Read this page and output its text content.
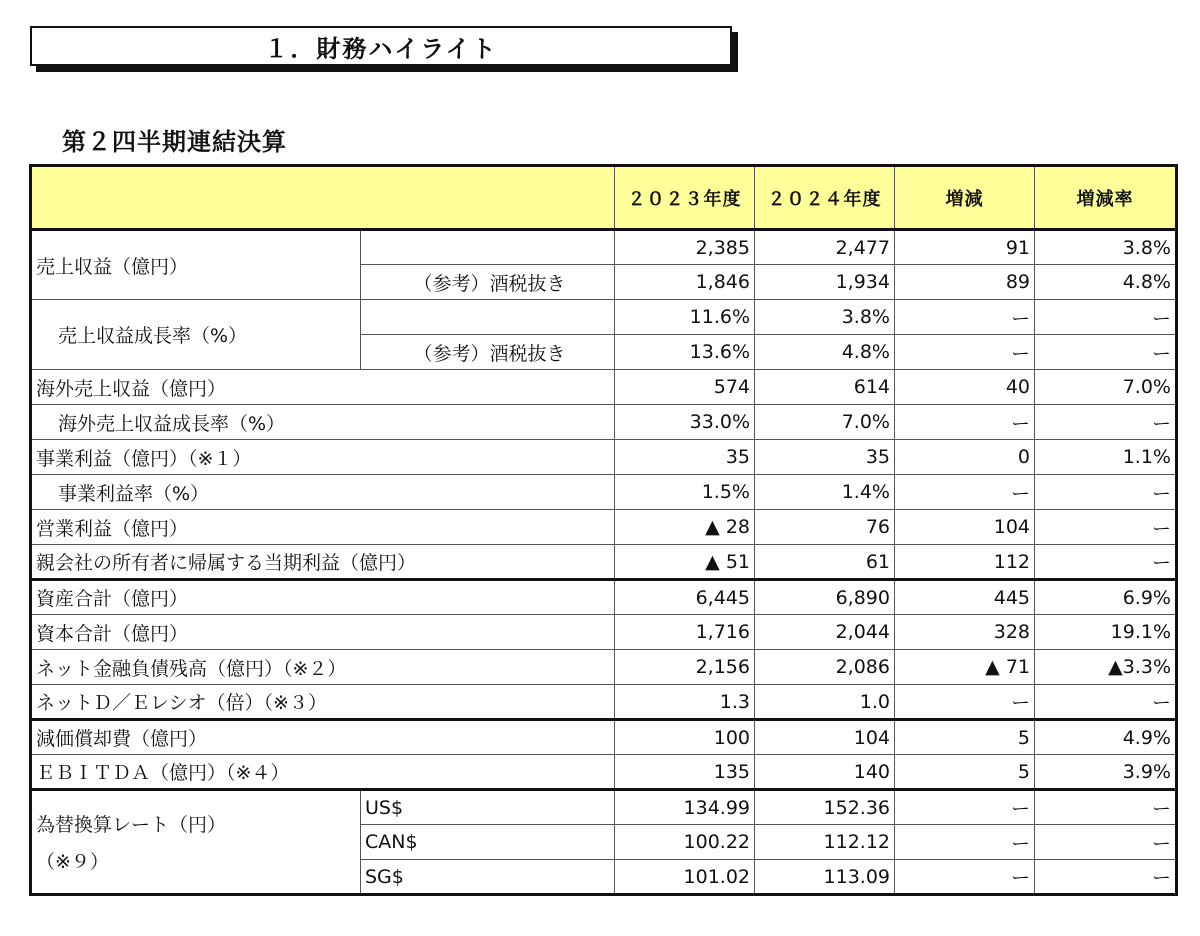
１．財務ハイライト
第２四半期連結決算
		２０２３年度	２０２４年度	増減	増減率
売上収益（億円）		2,385	2,477	91	3.8%
	（参考）酒税抜き	1,846	1,934	89	4.8%
売上収益成長率（%）		11.6%	3.8%	ー	ー
	（参考）酒税抜き	13.6%	4.8%	ー	ー
海外売上収益（億円）		574	614	40	7.0%
海外売上収益成長率（%）		33.0%	7.0%	ー	ー
事業利益（億円）（※１）		35	35	0	1.1%
事業利益率（%）		1.5%	1.4%	ー	ー
営業利益（億円）		▲ 28	76	104	ー
親会社の所有者に帰属する当期利益（億円）		▲ 51	61	112	ー
資産合計（億円）		6,445	6,890	445	6.9%
資本合計（億円）		1,716	2,044	328	19.1%
ネット金融負債残高（億円）（※２）		2,156	2,086	▲ 71	▲3.3%
ネットＤ／Ｅレシオ（倍）（※３）		1.3	1.0	ー	ー
減価償却費（億円）		100	104	5	4.9%
ＥＢＩＴＤＡ（億円）（※４）		135	140	5	3.9%

為替換算レート（円）
（※９）	US$	134.99	152.36	ー	ー
	CAN$	100.22	112.12	ー	ー
	SG$	101.02	113.09	ー	ー
